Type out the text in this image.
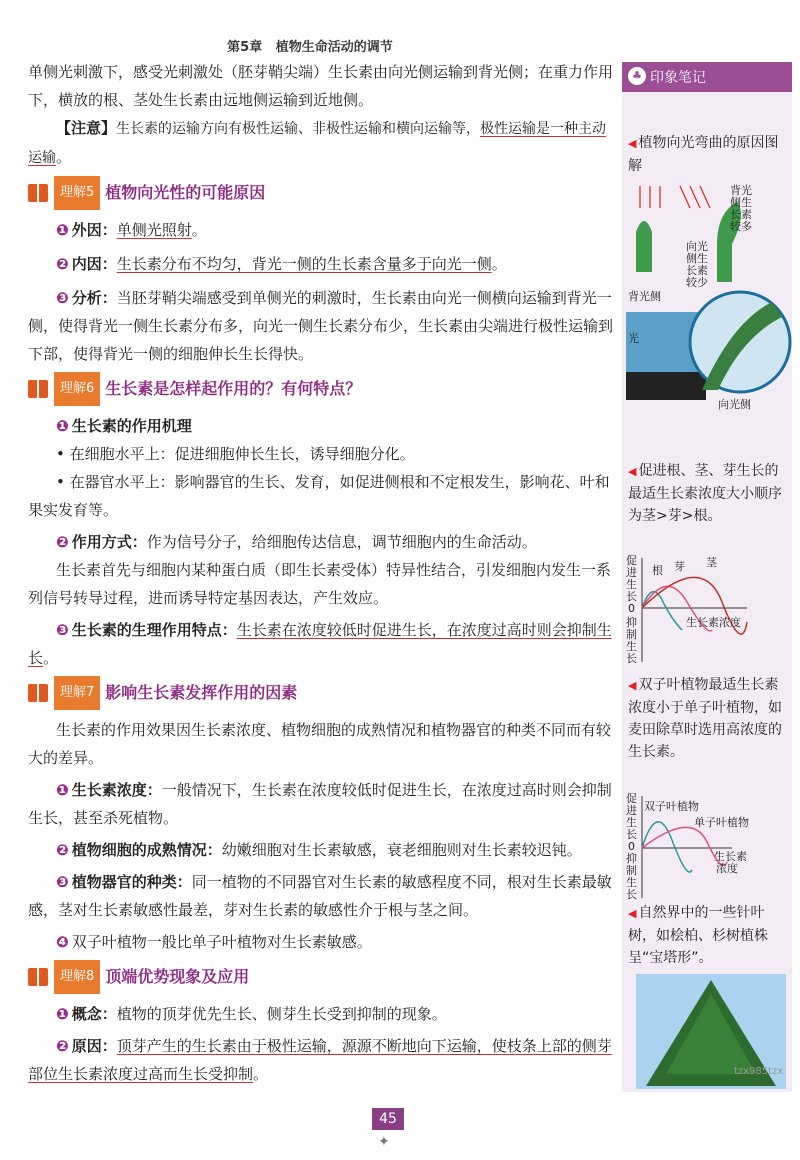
第5章 植物生命活动的调节

单侧光刺激下，感受光刺激处（胚芽鞘尖端）生长素由向光侧运输到背光侧；在重力作用下，横放的根、茎处生长素由远地侧运输到近地侧。

【注意】生长素的运输方向有极性运输、非极性运输和横向运输等，极性运输是一种主动运输。

理解5 植物向光性的可能原因

❶ 外因：单侧光照射。

❷ 内因：生长素分布不均匀，背光一侧的生长素含量多于向光一侧。

❸ 分析：当胚芽鞘尖端感受到单侧光的刺激时，生长素由向光一侧横向运输到背光一侧，使得背光一侧生长素分布多，向光一侧生长素分布少，生长素由尖端进行极性运输到下部，使得背光一侧的细胞伸长生长得快。

理解6 生长素是怎样起作用的？有何特点？

❶ 生长素的作用机理

• 在细胞水平上：促进细胞伸长生长，诱导细胞分化。

• 在器官水平上：影响器官的生长、发育，如促进侧根和不定根发生，影响花、叶和果实发育等。

❷ 作用方式：作为信号分子，给细胞传达信息，调节细胞内的生命活动。

生长素首先与细胞内某种蛋白质（即生长素受体）特异性结合，引发细胞内发生一系列信号转导过程，进而诱导特定基因表达，产生效应。

❸ 生长素的生理作用特点：生长素在浓度较低时促进生长，在浓度过高时则会抑制生长。

理解7 影响生长素发挥作用的因素

生长素的作用效果因生长素浓度、植物细胞的成熟情况和植物器官的种类不同而有较大的差异。

❶ 生长素浓度：一般情况下，生长素在浓度较低时促进生长，在浓度过高时则会抑制生长，甚至杀死植物。

❷ 植物细胞的成熟情况：幼嫩细胞对生长素敏感，衰老细胞则对生长素较迟钝。

❸ 植物器官的种类：同一植物的不同器官对生长素的敏感程度不同，根对生长素最敏感，茎对生长素敏感性最差，芽对生长素的敏感性介于根与茎之间。

❹ 双子叶植物一般比单子叶植物对生长素敏感。

理解8 顶端优势现象及应用

❶ 概念：植物的顶芽优先生长、侧芽生长受到抑制的现象。

❷ 原因：顶芽产生的生长素由于极性运输，源源不断地向下运输，使枝条上部的侧芽部位生长素浓度过高而生长受抑制。

♣ 印象笔记
◀ 植物向光弯曲的原因图解
背光
侧生
长素
较多
向光
侧生
长素
较少
背光侧
光
向光侧
◀ 促进根、茎、芽生长的最适生长素浓度大小顺序为茎>芽>根。
促
进
生
长
0
抑
制
生
长
根 芽 茎
生长素浓度
◀ 双子叶植物最适生长素浓度小于单子叶植物，如麦田除草时选用高浓度的生长素。
促
进
生
长
0
抑
制
生
长
双子叶植物
单子叶植物
生长素
浓度
◀ 自然界中的一些针叶树，如桧柏、杉树植株呈“宝塔形”。
tzx985tzx
45
✦
